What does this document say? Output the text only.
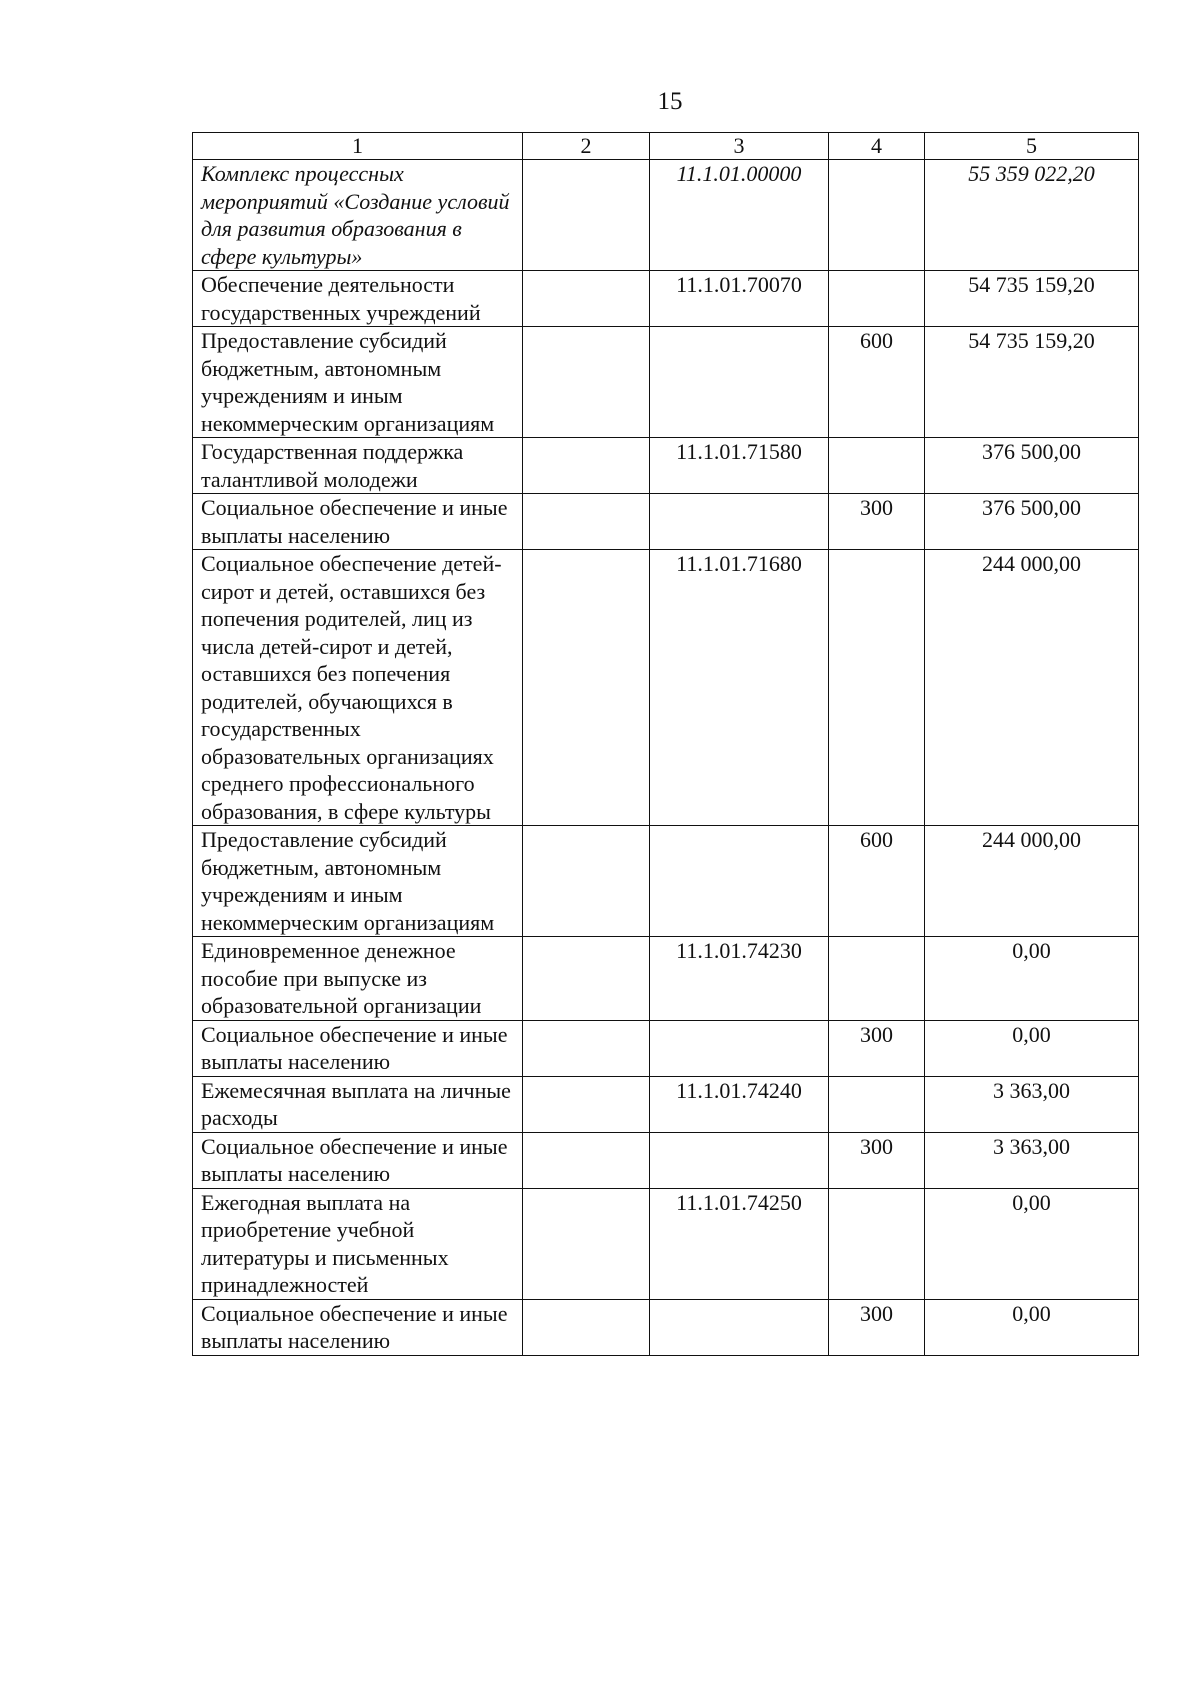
15
1	2	3	4	5
Комплекс процессных мероприятий «Создание условий для развития образования в сфере культуры»		11.1.01.00000		55 359 022,20
Обеспечение деятельности государственных учреждений		11.1.01.70070		54 735 159,20
Предоставление субсидий бюджетным, автономным учреждениям и иным некоммерческим организациям			600	54 735 159,20
Государственная поддержка талантливой молодежи		11.1.01.71580		376 500,00
Социальное обеспечение и иные выплаты населению			300	376 500,00
Социальное обеспечение детей-сирот и детей, оставшихся без попечения родителей, лиц из числа детей-сирот и детей, оставшихся без попечения родителей, обучающихся в государственных образовательных организациях среднего профессионального образования, в сфере культуры		11.1.01.71680		244 000,00
Предоставление субсидий бюджетным, автономным учреждениям и иным некоммерческим организациям			600	244 000,00
Единовременное денежное пособие при выпуске из образовательной организации		11.1.01.74230		0,00
Социальное обеспечение и иные выплаты населению			300	0,00
Ежемесячная выплата на личные расходы		11.1.01.74240		3 363,00
Социальное обеспечение и иные выплаты населению			300	3 363,00
Ежегодная выплата на приобретение учебной литературы и письменных принадлежностей		11.1.01.74250		0,00
Социальное обеспечение и иные выплаты населению			300	0,00
